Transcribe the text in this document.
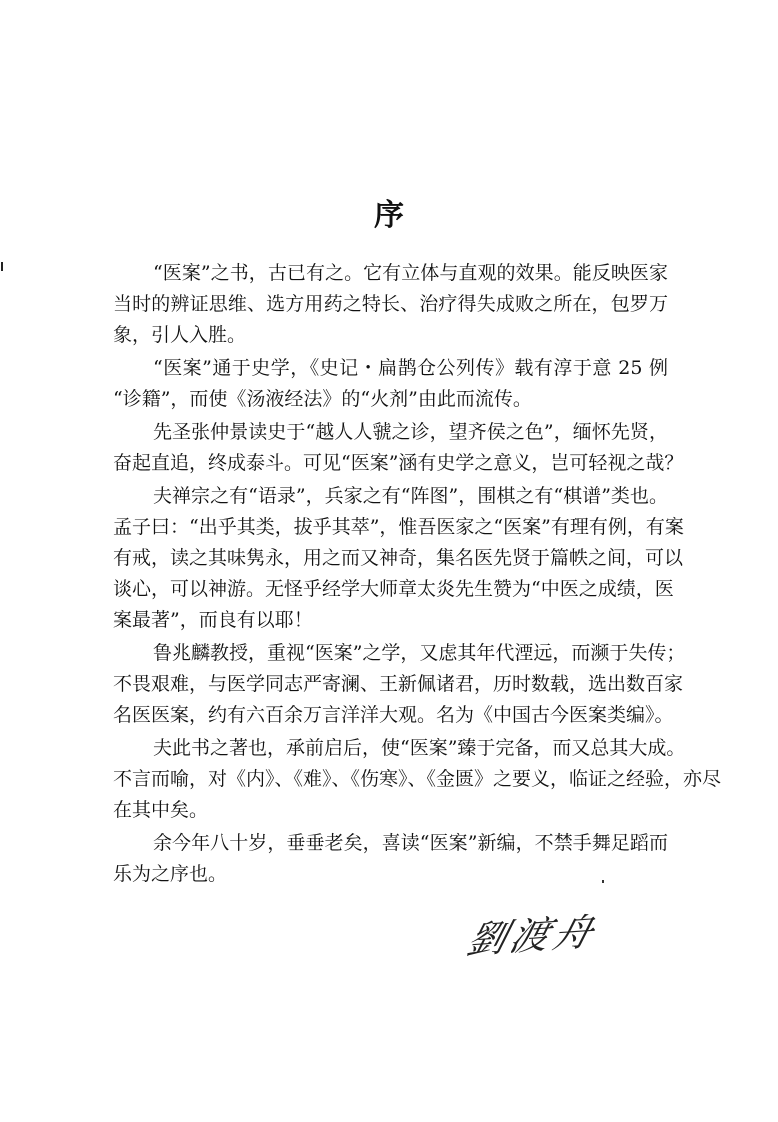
序
“医案”之书，古已有之。它有立体与直观的效果。能反映医家
当时的辨证思维、选方用药之特长、治疗得失成败之所在，包罗万
象，引人入胜。
“医案”通于史学，《史记・扁鹊仓公列传》载有淳于意 25 例
“诊籍”，而使《汤液经法》的“火剂”由此而流传。
先圣张仲景读史于“越人人虢之诊，望齐侯之色”，缅怀先贤，
奋起直追，终成泰斗。可见“医案”涵有史学之意义，岂可轻视之哉？
夫禅宗之有“语录”，兵家之有“阵图”，围棋之有“棋谱”类也。
孟子曰：“出乎其类，拔乎其萃”，惟吾医家之“医案”有理有例，有案
有戒，读之其味隽永，用之而又神奇，集名医先贤于篇帙之间，可以
谈心，可以神游。无怪乎经学大师章太炎先生赞为“中医之成绩，医
案最著”，而良有以耶！
鲁兆麟教授，重视“医案”之学，又虑其年代湮远，而濒于失传；
不畏艰难，与医学同志严寄澜、王新佩诸君，历时数载，选出数百家
名医医案，约有六百余万言洋洋大观。名为《中国古今医案类编》。
夫此书之著也，承前启后，使“医案”臻于完备，而又总其大成。
不言而喻，对《内》、《难》、《伤寒》、《金匮》之要义，临证之经验，亦尽
在其中矣。
余今年八十岁，垂垂老矣，喜读“医案”新编，不禁手舞足蹈而
乐为之序也。
劉渡舟
